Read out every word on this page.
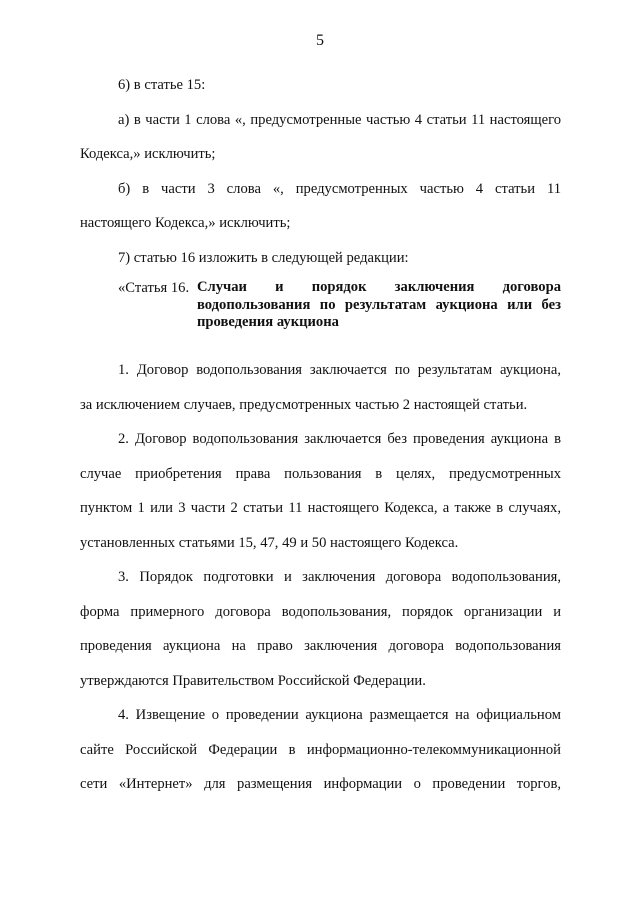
5
6) в статье 15:
а) в части 1 слова «, предусмотренные частью 4 статьи 11 настоящего
Кодекса,» исключить;
б) в части 3 слова «, предусмотренных частью 4 статьи 11
настоящего Кодекса,» исключить;
7) статью 16 изложить в следующей редакции:
«Статья 16. Случаи и порядок заключения договора
водопользования по результатам аукциона или без
проведения аукциона
1. Договор водопользования заключается по результатам аукциона,
за исключением случаев, предусмотренных частью 2 настоящей статьи.
2. Договор водопользования заключается без проведения аукциона в
случае приобретения права пользования в целях, предусмотренных
пунктом 1 или 3 части 2 статьи 11 настоящего Кодекса, а также в случаях,
установленных статьями 15, 47, 49 и 50 настоящего Кодекса.
3. Порядок подготовки и заключения договора водопользования,
форма примерного договора водопользования, порядок организации и
проведения аукциона на право заключения договора водопользования
утверждаются Правительством Российской Федерации.
4. Извещение о проведении аукциона размещается на официальном
сайте Российской Федерации в информационно-телекоммуникационной
сети «Интернет» для размещения информации о проведении торгов,
